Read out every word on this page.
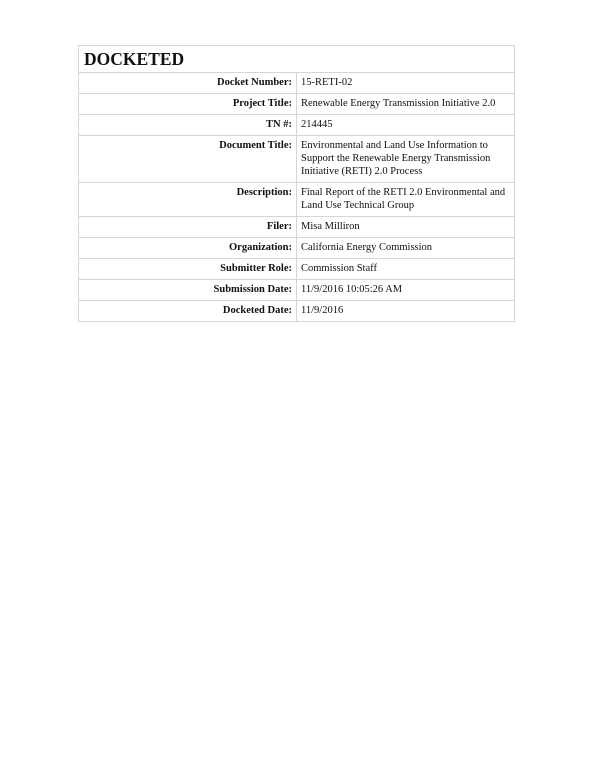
DOCKETED	
Docket Number:	15-RETI-02
Project Title:	Renewable Energy Transmission Initiative 2.0
TN #:	214445
Document Title:	Environmental and Land Use Information to Support the Renewable Energy Transmission Initiative (RETI) 2.0 Process
Description:	Final Report of the RETI 2.0 Environmental and Land Use Technical Group
Filer:	Misa Milliron
Organization:	California Energy Commission
Submitter Role:	Commission Staff
Submission Date:	11/9/2016 10:05:26 AM
Docketed Date:	11/9/2016
